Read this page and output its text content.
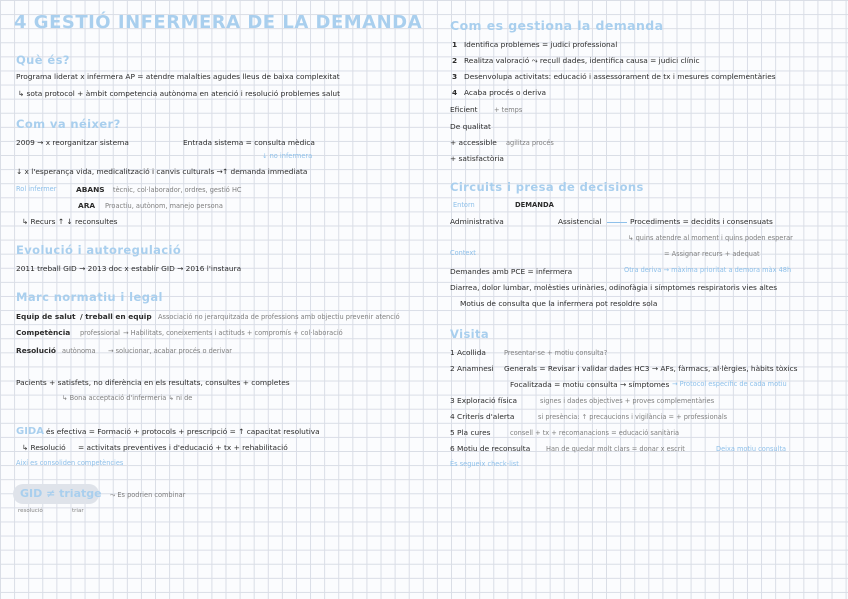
4 GESTIÓ INFERMERA DE LA DEMANDA
Què és?
Programa liderat x infermera AP = atendre malalties agudes lleus de baixa complexitat
↳ sota protocol + àmbit competencia autònoma en atenció i resolució problemes salut
Com va néixer?
2009 → x reorganitzar sistema	Entrada sistema = consulta mèdica
↓ no infermera
↓ x l'esperança vida, medicalització i canvis culturals → ↑ demanda immediata
Rol infermer	ABANS tècnic, col·laborador, ordres, gestió HC
ARA Proactiu, autònom, manejo persona
↳ Recurs ↑ ↓ reconsultes
Evolució i autoregulació
2011 treball GID → 2013 doc x establir GID → 2016 l'instaura
Marc normatiu i legal
Equip de salut / treball en equip Associació no jerarquitzada de professions amb objectiu prevenir atenció
Competència professional → Habilitats, coneixements i actituds + compromís + col·laboració
Resolució autònoma → solucionar, acabar procés o derivar
Pacients + satisfets, no diferència en els resultats, consultes + completes
↳ Bona acceptació d'infermeria ↳ ni de
GIDA és efectiva = Formació + protocols + prescripció = ↑ capacitat resolutiva
↳ Resolució = activitats preventives i d'educació + tx + rehabilitació
Així es consoliden competències
GID ≠ triatge ⤳ Es podrien combinar
resolució	triar
Com es gestiona la demanda
1 Identifica problemes = judici professional
2 Realitza valoració ⤳ recull dades, identifica causa = judici clínic
3 Desenvolupa activitats: educació i assessorament de tx i mesures complementàries
4 Acaba procés o deriva
Eficient + temps
De qualitat
+ accessible agilitza procés
+ satisfactòria
Circuits i presa de decisions
Entorn	DEMANDA
Administrativa	Assistencial	Procediments = decidits i consensuats
↳ quins atendre al moment i quins poden esperar
= Assignar recurs + adequat
Context
Demandes amb PCE = infermera	Otra deriva → màxima prioritat a demora màx 48h
Diarrea, dolor lumbar, molèsties urinàries, odinofàgia i símptomes respiratoris vies altes
Motius de consulta que la infermera pot resoldre sola
Visita
1 Acollida	Presentar-se + motiu consulta?
2 Anamnesi Generals = Revisar i validar dades HC3 → AFs, fàrmacs, al·lèrgies, hàbits tòxics
Focalitzada = motiu consulta → símptomes → Protocol específic de cada motiu
3 Exploració física	signes i dades objectives + proves complementàries
4 Criteris d'alerta	si presència: ↑ precaucions i vigilància = + professionals
5 Pla cures	consell + tx + recomanacions = educació sanitària
6 Motiu de reconsulta Han de quedar molt clars = donar x escrit	Deixa motiu consulta
És segueix check-list
